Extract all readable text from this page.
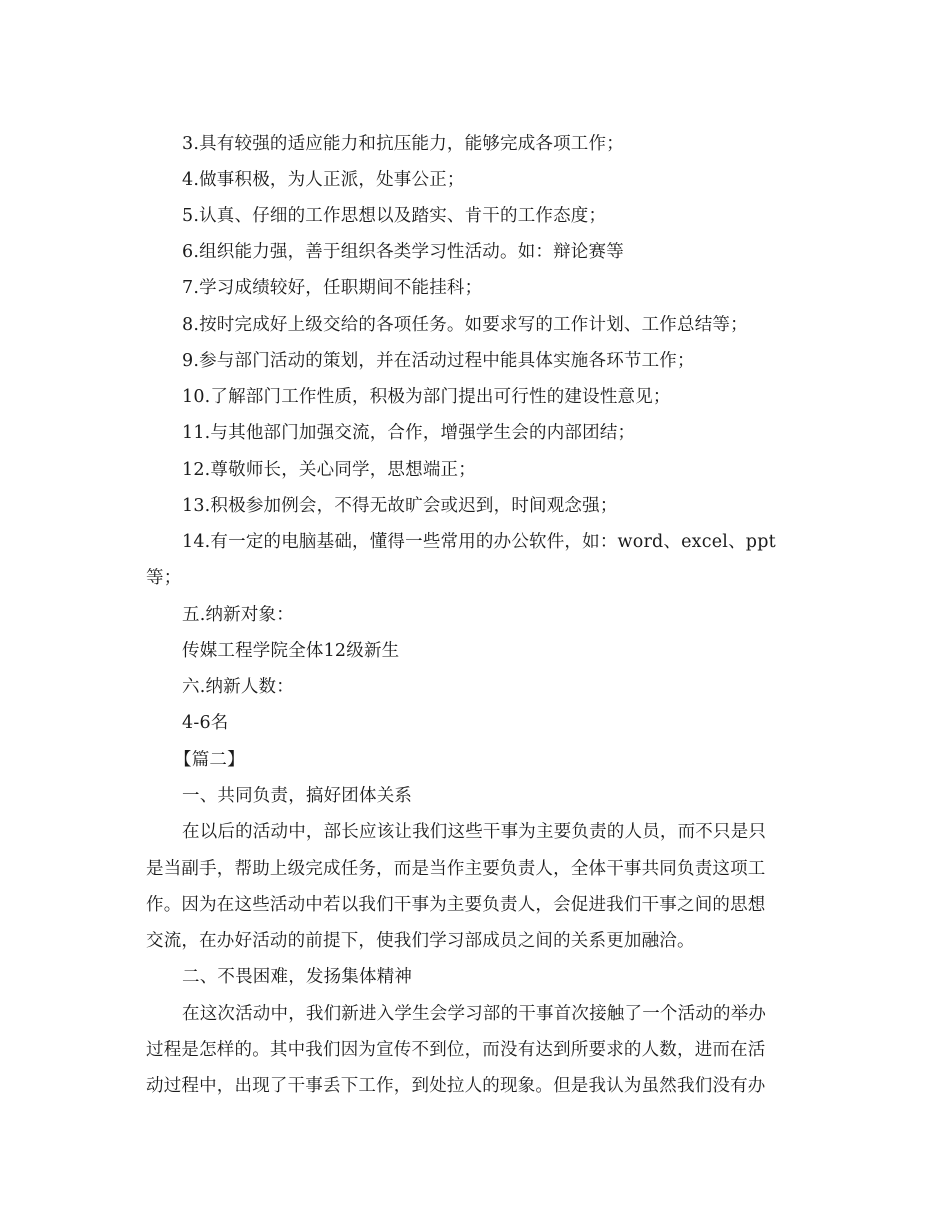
3.具有较强的适应能力和抗压能力，能够完成各项工作；
4.做事积极，为人正派，处事公正；
5.认真、仔细的工作思想以及踏实、肯干的工作态度；
6.组织能力强，善于组织各类学习性活动。如：辩论赛等
7.学习成绩较好，任职期间不能挂科；
8.按时完成好上级交给的各项任务。如要求写的工作计划、工作总结等；
9.参与部门活动的策划，并在活动过程中能具体实施各环节工作；
10.了解部门工作性质，积极为部门提出可行性的建设性意见；
11.与其他部门加强交流，合作，增强学生会的内部团结；
12.尊敬师长，关心同学，思想端正；
13.积极参加例会，不得无故旷会或迟到，时间观念强；
14.有一定的电脑基础，懂得一些常用的办公软件，如：word、excel、ppt
等；
五.纳新对象：
传媒工程学院全体12级新生
六.纳新人数：
4-6名
【篇二】
一、共同负责，搞好团体关系
在以后的活动中，部长应该让我们这些干事为主要负责的人员，而不只是只
是当副手，帮助上级完成任务，而是当作主要负责人，全体干事共同负责这项工
作。因为在这些活动中若以我们干事为主要负责人，会促进我们干事之间的思想
交流，在办好活动的前提下，使我们学习部成员之间的关系更加融洽。
二、不畏困难，发扬集体精神
在这次活动中，我们新进入学生会学习部的干事首次接触了一个活动的举办
过程是怎样的。其中我们因为宣传不到位，而没有达到所要求的人数，进而在活
动过程中，出现了干事丢下工作，到处拉人的现象。但是我认为虽然我们没有办
